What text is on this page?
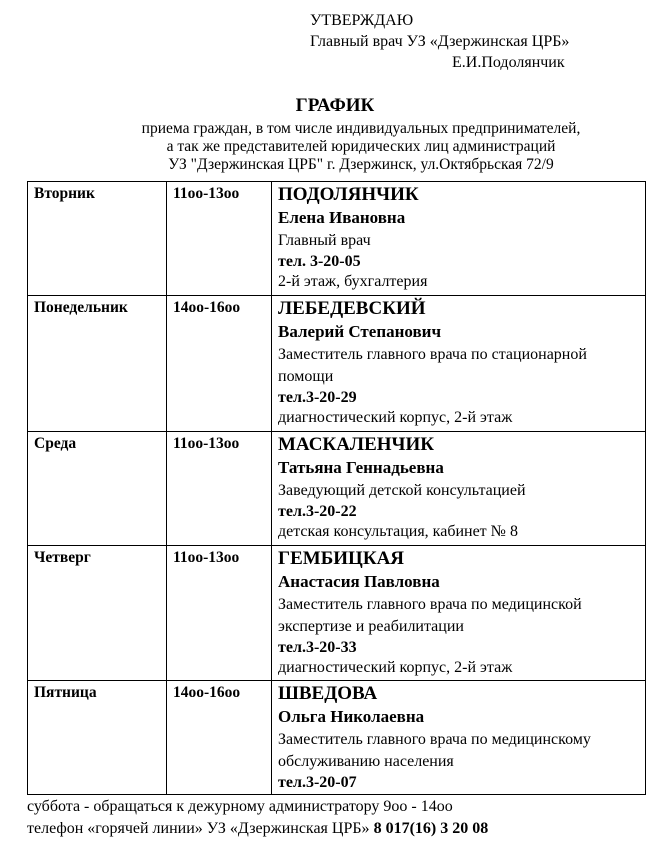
УТВЕРЖДАЮ
Главный врач УЗ «Дзержинская ЦРБ»
Е.И.Подолянчик
ГРАФИК
приема граждан, в том числе индивидуальных предпринимателей,
а так же представителей юридических лиц администраций
УЗ "Дзержинская ЦРБ" г. Дзержинск, ул.Октябрьская 72/9
Вторник	11оо-13оо	ПОДОЛЯНЧИК
Елена Ивановна
Главный врач
тел. 3-20-05
2-й этаж, бухгалтерия

Понедельник	14оо-16оо	ЛЕБЕДЕВСКИЙ
Валерий Степанович
Заместитель главного врача по стационарной помощи
тел.3-20-29
диагностический корпус, 2-й этаж

Среда	11оо-13оо	МАСКАЛЕНЧИК
Татьяна Геннадьевна
Заведующий детской консультацией
тел.3-20-22
детская консультация, кабинет № 8

Четверг	11оо-13оо	ГЕМБИЦКАЯ
Анастасия Павловна
Заместитель главного врача по медицинской экспертизе и реабилитации
тел.3-20-33
диагностический корпус, 2-й этаж

Пятница	14оо-16оо	ШВЕДОВА
Ольга Николаевна
Заместитель главного врача по медицинскому обслуживанию населения
тел.3-20-07
суббота - обращаться к дежурному администратору 9оо - 14оо
телефон «горячей линии» УЗ «Дзержинская ЦРБ» 8 017(16) 3 20 08
